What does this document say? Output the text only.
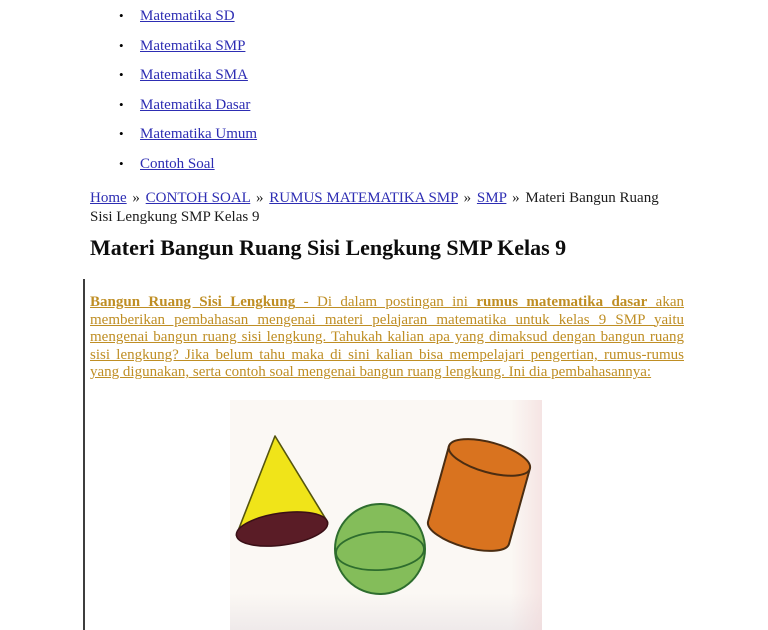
•	Matematika SD
•	Matematika SMP
•	Matematika SMA
•	Matematika Dasar
•	Matematika Umum
•	Contoh Soal
Home » CONTOH SOAL » RUMUS MATEMATIKA SMP » SMP » Materi Bangun Ruang Sisi Lengkung SMP Kelas 9
Materi Bangun Ruang Sisi Lengkung SMP Kelas 9

Bangun Ruang Sisi Lengkung - Di dalam postingan ini rumus matematika dasar akan memberikan pembahasan mengenai materi pelajaran matematika untuk kelas 9 SMP yaitu mengenai bangun ruang sisi lengkung. Tahukah kalian apa yang dimaksud dengan bangun ruang sisi lengkung? Jika belum tahu maka di sini kalian bisa mempelajari pengertian, rumus-rumus yang digunakan, serta contoh soal mengenai bangun ruang lengkung. Ini dia pembahasannya:
